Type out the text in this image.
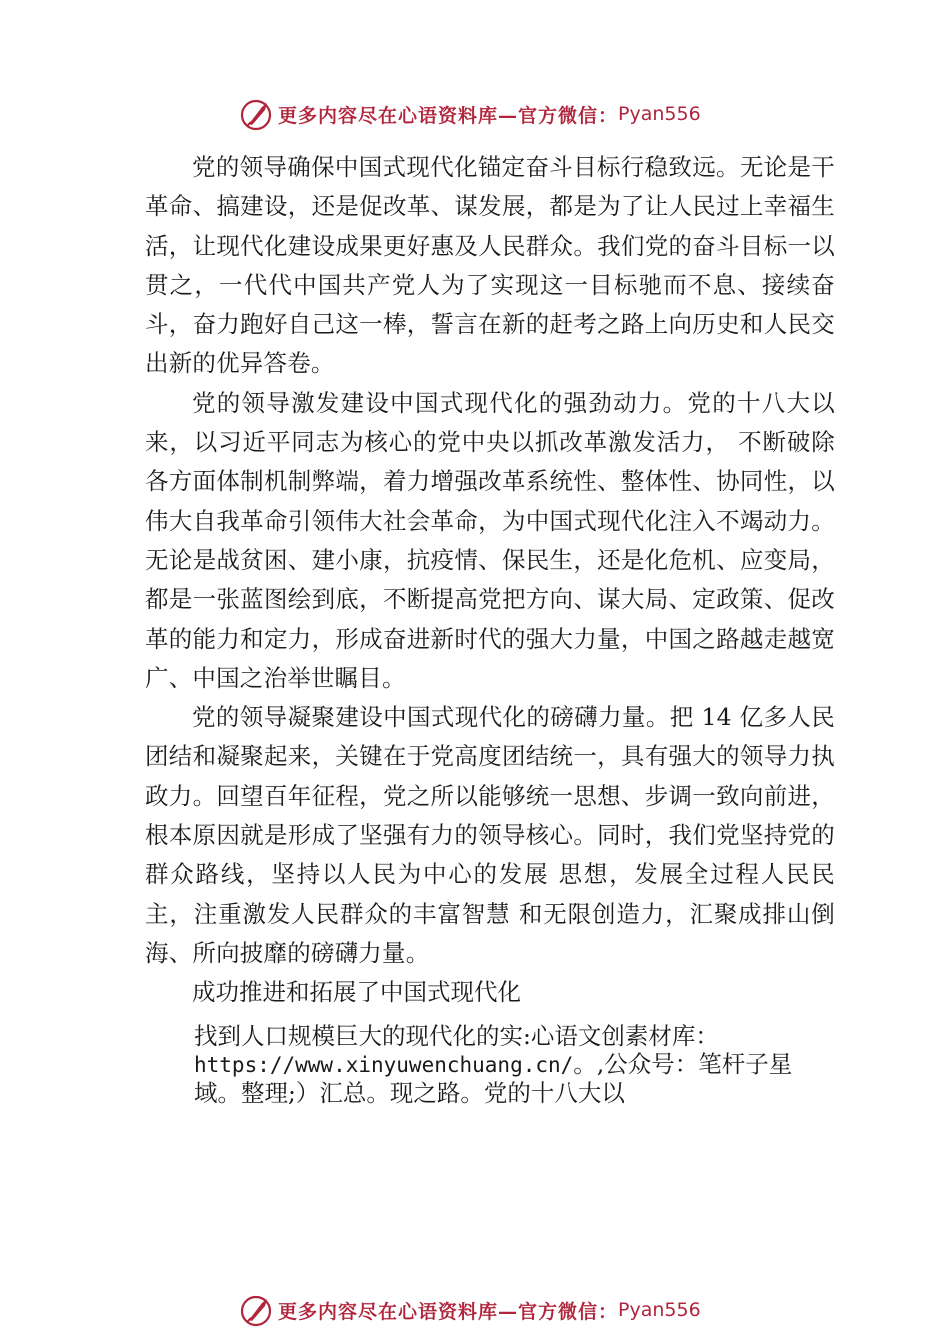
更多内容尽在心语资料库—官方微信： Pyan556

党的领导确保中国式现代化锚定奋斗目标行稳致远。无论是干革命、搞建设，还是促改革、谋发展，都是为了让人民过上幸福生活，让现代化建设成果更好惠及人民群众。我们党的奋斗目标一以贯之，一代代中国共产党人为了实现这一目标驰而不息、接续奋斗，奋力跑好自己这一棒，誓言在新的赶考之路上向历史和人民交出新的优异答卷。

党的领导激发建设中国式现代化的强劲动力。党的十八大以来，以习近平同志为核心的党中央以抓改革激发活力， 不断破除各方面体制机制弊端，着力增强改革系统性、整体性、协同性，以伟大自我革命引领伟大社会革命，为中国式现代化注入不竭动力。无论是战贫困、建小康，抗疫情、保民生，还是化危机、应变局，都是一张蓝图绘到底，不断提高党把方向、谋大局、定政策、促改革的能力和定力，形成奋进新时代的强大力量，中国之路越走越宽广、中国之治举世瞩目。

党的领导凝聚建设中国式现代化的磅礴力量。把 14 亿多人民团结和凝聚起来，关键在于党高度团结统一，具有强大的领导力执政力。回望百年征程，党之所以能够统一思想、步调一致向前进，根本原因就是形成了坚强有力的领导核心。同时，我们党坚持党的群众路线，坚持以人民为中心的发展 思想，发展全过程人民民主，注重激发人民群众的丰富智慧 和无限创造力，汇聚成排山倒海、所向披靡的磅礴力量。

成功推进和拓展了中国式现代化

找到人口规模巨大的现代化的实:心语文创素材库：https://www.xinyuwenchuang.cn/。,公众号：笔杆子星域。整理;）汇总。现之路。党的十八大以

更多内容尽在心语资料库—官方微信： Pyan556
